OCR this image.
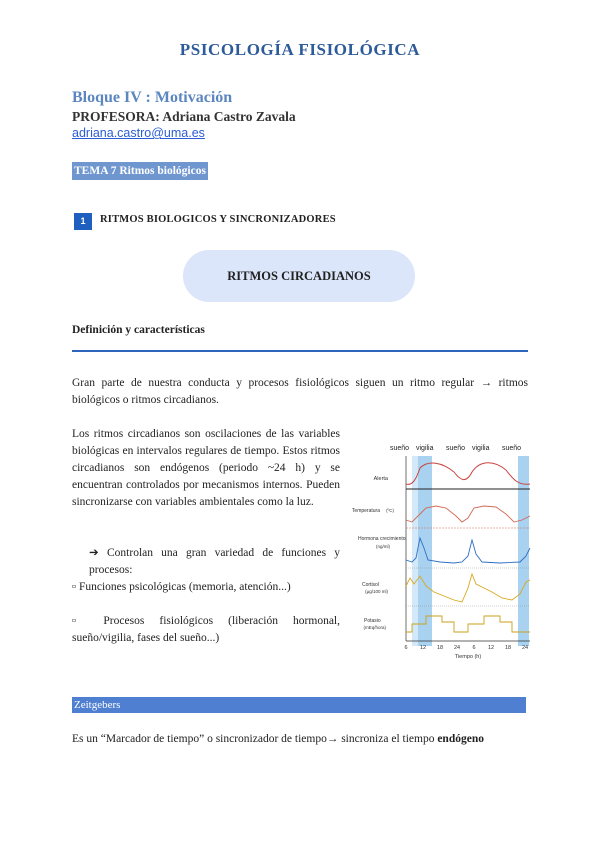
PSICOLOGÍA FISIOLÓGICA
Bloque IV : Motivación
PROFESORA: Adriana Castro Zavala
adriana.castro@uma.es
TEMA 7 Ritmos biológicos
1	RITMOS BIOLOGICOS Y SINCRONIZADORES
RITMOS CIRCADIANOS
Definición y características
Gran parte de nuestra conducta y procesos fisiológicos siguen un ritmo regular → ritmos biológicos o ritmos circadianos.
Los ritmos circadianos son oscilaciones de las variables biológicas en intervalos regulares de tiempo. Estos ritmos circadianos son endógenos (periodo ~24 h) y se encuentran controlados por mecanismos internos. Pueden sincronizarse con variables ambientales como la luz.
➔ Controlan una gran variedad de funciones y procesos:
▫ Funciones psicológicas (memoria, atención...)
▫ Procesos fisiológicos (liberación hormonal, sueño/vigilia, fases del sueño...)
sueño vigilia sueño vigilia sueño
Alerta
Temperatura (ºC)
Hormona crecimiento
(ng/ml)
Cortisol
(µg/100 ml)
Potasio
(mEq/hora)
6 12 18 24 6 12 18 24
Tiempo (h)
Zeitgebers
Es un “Marcador de tiempo” o sincronizador de tiempo→ sincroniza el tiempo endógeno
